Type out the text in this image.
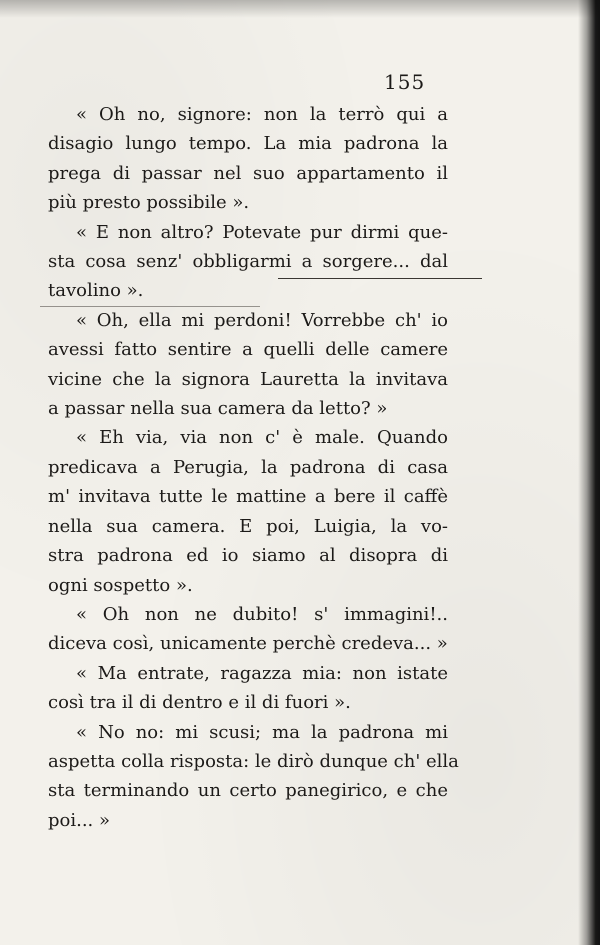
155
« Oh no, signore: non la terrò qui a
disagio lungo tempo. La mia padrona la
prega di passar nel suo appartamento il
più presto possibile ».
« E non altro? Potevate pur dirmi que-
sta cosa senz' obbligarmi a sorgere... dal
tavolino ».
« Oh, ella mi perdoni! Vorrebbe ch' io
avessi fatto sentire a quelli delle camere
vicine che la signora Lauretta la invitava
a passar nella sua camera da letto? »
« Eh via, via non c' è male. Quando
predicava a Perugia, la padrona di casa
m' invitava tutte le mattine a bere il caffè
nella sua camera. E poi, Luigia, la vo-
stra padrona ed io siamo al disopra di
ogni sospetto ».
« Oh non ne dubito! s' immagini!..
diceva così, unicamente perchè credeva... »
« Ma entrate, ragazza mia: non istate
così tra il di dentro e il di fuori ».
« No no: mi scusi; ma la padrona mi
aspetta colla risposta: le dirò dunque ch' ella
sta terminando un certo panegirico, e che
poi... »
